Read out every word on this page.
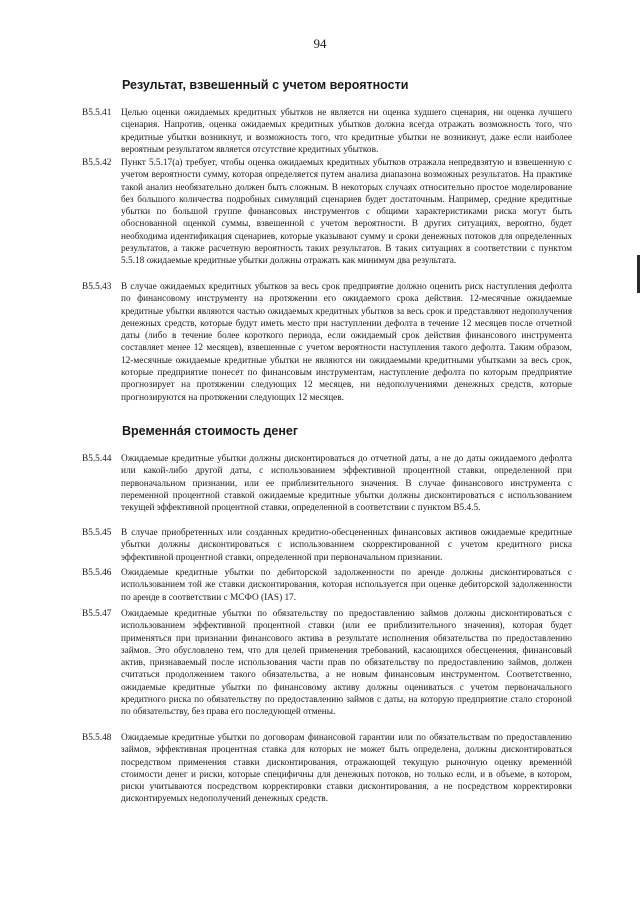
94
Результат, взвешенный с учетом вероятности
B5.5.41	Целью оценки ожидаемых кредитных убытков не является ни оценка худшего сценария, ни оценка лучшего сценария. Напротив, оценка ожидаемых кредитных убытков должна всегда отражать возможность того, что кредитные убытки возникнут, и возможность того, что кредитные убытки не возникнут, даже если наиболее вероятным результатом является отсутствие кредитных убытков.
B5.5.42	Пункт 5.5.17(a) требует, чтобы оценка ожидаемых кредитных убытков отражала непредвзятую и взвешенную с учетом вероятности сумму, которая определяется путем анализа диапазона возможных результатов. На практике такой анализ необязательно должен быть сложным. В некоторых случаях относительно простое моделирование без большого количества подробных симуляций сценариев будет достаточным. Например, средние кредитные убытки по большой группе финансовых инструментов с общими характеристиками риска могут быть обоснованной оценкой суммы, взвешенной с учетом вероятности. В других ситуациях, вероятно, будет необходима идентификация сценариев, которые указывают сумму и сроки денежных потоков для определенных результатов, а также расчетную вероятность таких результатов. В таких ситуациях в соответствии с пунктом 5.5.18 ожидаемые кредитные убытки должны отражать как минимум два результата.
B5.5.43	В случае ожидаемых кредитных убытков за весь срок предприятие должно оценить риск наступления дефолта по финансовому инструменту на протяжении его ожидаемого срока действия. 12-месячные ожидаемые кредитные убытки являются частью ожидаемых кредитных убытков за весь срок и представляют недополучения денежных средств, которые будут иметь место при наступлении дефолта в течение 12 месяцев после отчетной даты (либо в течение более короткого периода, если ожидаемый срок действия финансового инструмента составляет менее 12 месяцев), взвешенные с учетом вероятности наступления такого дефолта. Таким образом, 12-месячные ожидаемые кредитные убытки не являются ни ожидаемыми кредитными убытками за весь срок, которые предприятие понесет по финансовым инструментам, наступление дефолта по которым предприятие прогнозирует на протяжении следующих 12 месяцев, ни недополучениями денежных средств, которые прогнозируются на протяжении следующих 12 месяцев.
Временнáя стоимость денег
B5.5.44	Ожидаемые кредитные убытки должны дисконтироваться до отчетной даты, а не до даты ожидаемого дефолта или какой-либо другой даты, с использованием эффективной процентной ставки, определенной при первоначальном признании, или ее приблизительного значения. В случае финансового инструмента с переменной процентной ставкой ожидаемые кредитные убытки должны дисконтироваться с использованием текущей эффективной процентной ставки, определенной в соответствии с пунктом B5.4.5.
B5.5.45	В случае приобретенных или созданных кредитно-обесцененных финансовых активов ожидаемые кредитные убытки должны дисконтироваться с использованием скорректированной с учетом кредитного риска эффективной процентной ставки, определенной при первоначальном признании.
B5.5.46	Ожидаемые кредитные убытки по дебиторской задолженности по аренде должны дисконтироваться с использованием той же ставки дисконтирования, которая используется при оценке дебиторской задолженности по аренде в соответствии с МСФО (IAS) 17.
B5.5.47	Ожидаемые кредитные убытки по обязательству по предоставлению займов должны дисконтироваться с использованием эффективной процентной ставки (или ее приблизительного значения), которая будет применяться при признании финансового актива в результате исполнения обязательства по предоставлению займов. Это обусловлено тем, что для целей применения требований, касающихся обесценения, финансовый актив, признаваемый после использования части прав по обязательству по предоставлению займов, должен считаться продолжением такого обязательства, а не новым финансовым инструментом. Соответственно, ожидаемые кредитные убытки по финансовому активу должны оцениваться с учетом первоначального кредитного риска по обязательству по предоставлению займов с даты, на которую предприятие стало стороной по обязательству, без права его последующей отмены.
B5.5.48	Ожидаемые кредитные убытки по договорам финансовой гарантии или по обязательствам по предоставлению займов, эффективная процентная ставка для которых не может быть определена, должны дисконтироваться посредством применения ставки дисконтирования, отражающей текущую рыночную оценку временнóй стоимости денег и риски, которые специфичны для денежных потоков, но только если, и в объеме, в котором, риски учитываются посредством корректировки ставки дисконтирования, а не посредством корректировки дисконтируемых недополучений денежных средств.
